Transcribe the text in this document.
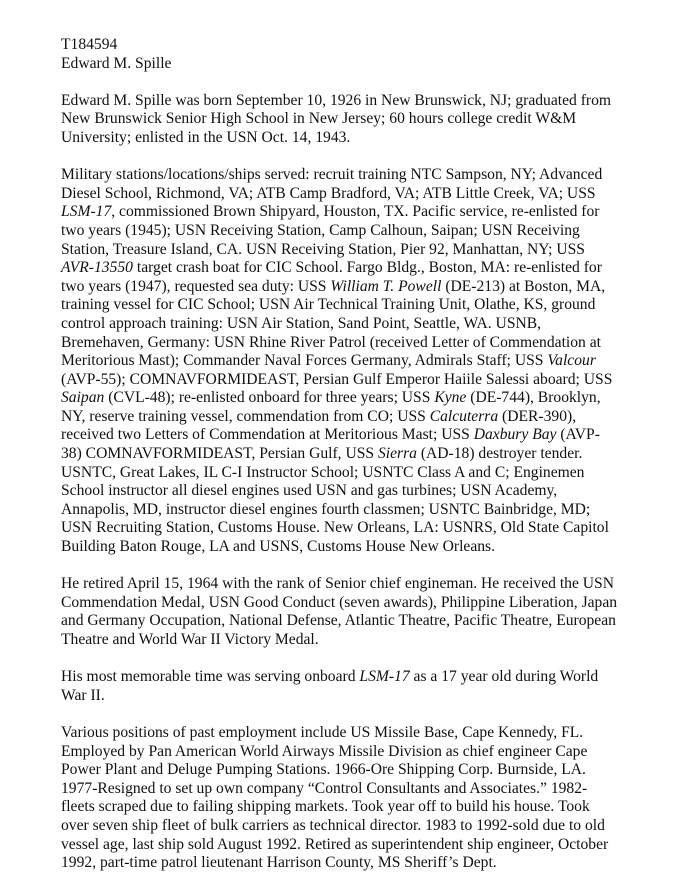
T184594
Edward M. Spille
Edward M. Spille was born September 10, 1926 in New Brunswick, NJ; graduated from
New Brunswick Senior High School in New Jersey; 60 hours college credit W&M
University; enlisted in the USN Oct. 14, 1943.
Military stations/locations/ships served: recruit training NTC Sampson, NY; Advanced
Diesel School, Richmond, VA; ATB Camp Bradford, VA; ATB Little Creek, VA; USS
LSM-17, commissioned Brown Shipyard, Houston, TX. Pacific service, re-enlisted for
two years (1945); USN Receiving Station, Camp Calhoun, Saipan; USN Receiving
Station, Treasure Island, CA. USN Receiving Station, Pier 92, Manhattan, NY; USS
AVR-13550 target crash boat for CIC School. Fargo Bldg., Boston, MA: re-enlisted for
two years (1947), requested sea duty: USS William T. Powell (DE-213) at Boston, MA,
training vessel for CIC School; USN Air Technical Training Unit, Olathe, KS, ground
control approach training: USN Air Station, Sand Point, Seattle, WA. USNB,
Bremehaven, Germany: USN Rhine River Patrol (received Letter of Commendation at
Meritorious Mast); Commander Naval Forces Germany, Admirals Staff; USS Valcour
(AVP-55); COMNAVFORMIDEAST, Persian Gulf Emperor Haiile Salessi aboard; USS
Saipan (CVL-48); re-enlisted onboard for three years; USS Kyne (DE-744), Brooklyn,
NY, reserve training vessel, commendation from CO; USS Calcuterra (DER-390),
received two Letters of Commendation at Meritorious Mast; USS Daxbury Bay (AVP-
38) COMNAVFORMIDEAST, Persian Gulf, USS Sierra (AD-18) destroyer tender.
USNTC, Great Lakes, IL C-I Instructor School; USNTC Class A and C; Enginemen
School instructor all diesel engines used USN and gas turbines; USN Academy,
Annapolis, MD, instructor diesel engines fourth classmen; USNTC Bainbridge, MD;
USN Recruiting Station, Customs House. New Orleans, LA: USNRS, Old State Capitol
Building Baton Rouge, LA and USNS, Customs House New Orleans.
He retired April 15, 1964 with the rank of Senior chief engineman. He received the USN
Commendation Medal, USN Good Conduct (seven awards), Philippine Liberation, Japan
and Germany Occupation, National Defense, Atlantic Theatre, Pacific Theatre, European
Theatre and World War II Victory Medal.
His most memorable time was serving onboard LSM-17 as a 17 year old during World
War II.
Various positions of past employment include US Missile Base, Cape Kennedy, FL.
Employed by Pan American World Airways Missile Division as chief engineer Cape
Power Plant and Deluge Pumping Stations. 1966-Ore Shipping Corp. Burnside, LA.
1977-Resigned to set up own company “Control Consultants and Associates.” 1982-
fleets scraped due to failing shipping markets. Took year off to build his house. Took
over seven ship fleet of bulk carriers as technical director. 1983 to 1992-sold due to old
vessel age, last ship sold August 1992. Retired as superintendent ship engineer, October
1992, part-time patrol lieutenant Harrison County, MS Sheriff’s Dept.
